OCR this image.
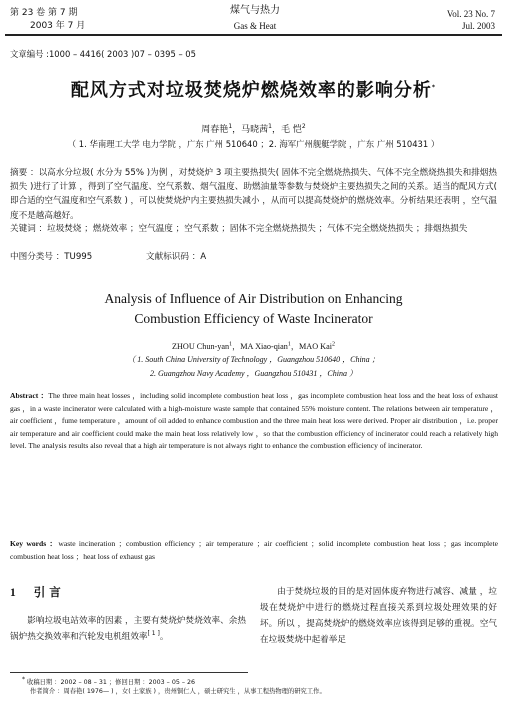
第 23 卷 第 7 期
2003 年 7 月
煤气与热力
Gas & Heat
Vol. 23 No. 7
Jul. 2003
文章编号 :1000 – 4416( 2003 )07 – 0395 – 05
配风方式对垃圾焚烧炉燃烧效率的影响分析*
周春艳$^1$，马晓茜$^1$，毛 恺$^2$
（ 1. 华南理工大学 电力学院 ，广东 广州 510640 ；2. 海军广州舰艇学院 ，广东 广州 510431 ）
摘要 ：以高水分垃圾( 水分为 55% )为例 ，对焚烧炉 3 项主要热损失( 固体不完全燃烧热损失、气体不完全燃烧热损失和排烟热损失 )进行了计算 ，得到了空气温度、空气系数、烟气温度、助燃油量等参数与焚烧炉主要热损失之间的关系。适当的配风方式( 即合适的空气温度和空气系数 ) ，可以使焚烧炉内主要热损失减小 ，从而可以提高焚烧炉的燃烧效率。分析结果还表明 ，空气温度不是越高越好。
关键词 ：垃圾焚烧 ；燃烧效率 ；空气温度 ；空气系数 ；固体不完全燃烧热损失 ；气体不完全燃烧热损失 ；排烟热损失
中图分类号 ：TU995	文献标识码 ：A
Analysis of Influence of Air Distribution on Enhancing
Combustion Efficiency of Waste Incinerator
ZHOU Chun-yan$^1$，MA Xiao-qian$^1$，MAO Kai$^2$
（ 1. South China University of Technology ，Guangzhou 510640 ，China ；
2. Guangzhou Navy Academy ，Guangzhou 510431 ，China ）
Abstract ：The three main heat losses ，including solid incomplete combustion heat loss ，gas incomplete combustion heat loss and the heat loss of exhaust gas ，in a waste incinerator were calculated with a high-moisture waste sample that contained 55% moisture content. The relations between air temperature ，air coefficient ，fume temperature ，amount of oil added to enhance combustion and the three main heat loss were derived. Proper air distribution ，i.e. proper air temperature and air coefficient could make the main heat loss relatively low ，so that the combustion efficiency of incinerator could reach a relatively high level. The analysis results also reveal that a high air temperature is not always right to enhance the combustion efficiency of incinerator.
Key words ：waste incineration ；combustion efficiency ；air temperature ；air coefficient ；solid incomplete combustion heat loss ；gas incomplete combustion heat loss ；heat loss of exhaust gas
1 引 言
影响垃圾电站效率的因素 ，主要有焚烧炉焚烧效率、余热锅炉热交换效率和汽轮发电机组效率[ 1 ]。
由于焚烧垃圾的目的是对固体废弃物进行减容、减量 ，垃圾在焚烧炉中进行的燃烧过程直接关系到垃圾处理效果的好坏。所以 ，提高焚烧炉的燃烧效率应该得到足够的重视。空气在垃圾焚烧中起着举足
* 收稿日期 ：2002 – 08 – 31 ；修回日期 ：2003 – 05 – 26
作者简介 ：周春艳( 1976— ) ，女( 土家族 ) ，贵州铜仁人 ，硕士研究生 ，从事工程热物理的研究工作。
